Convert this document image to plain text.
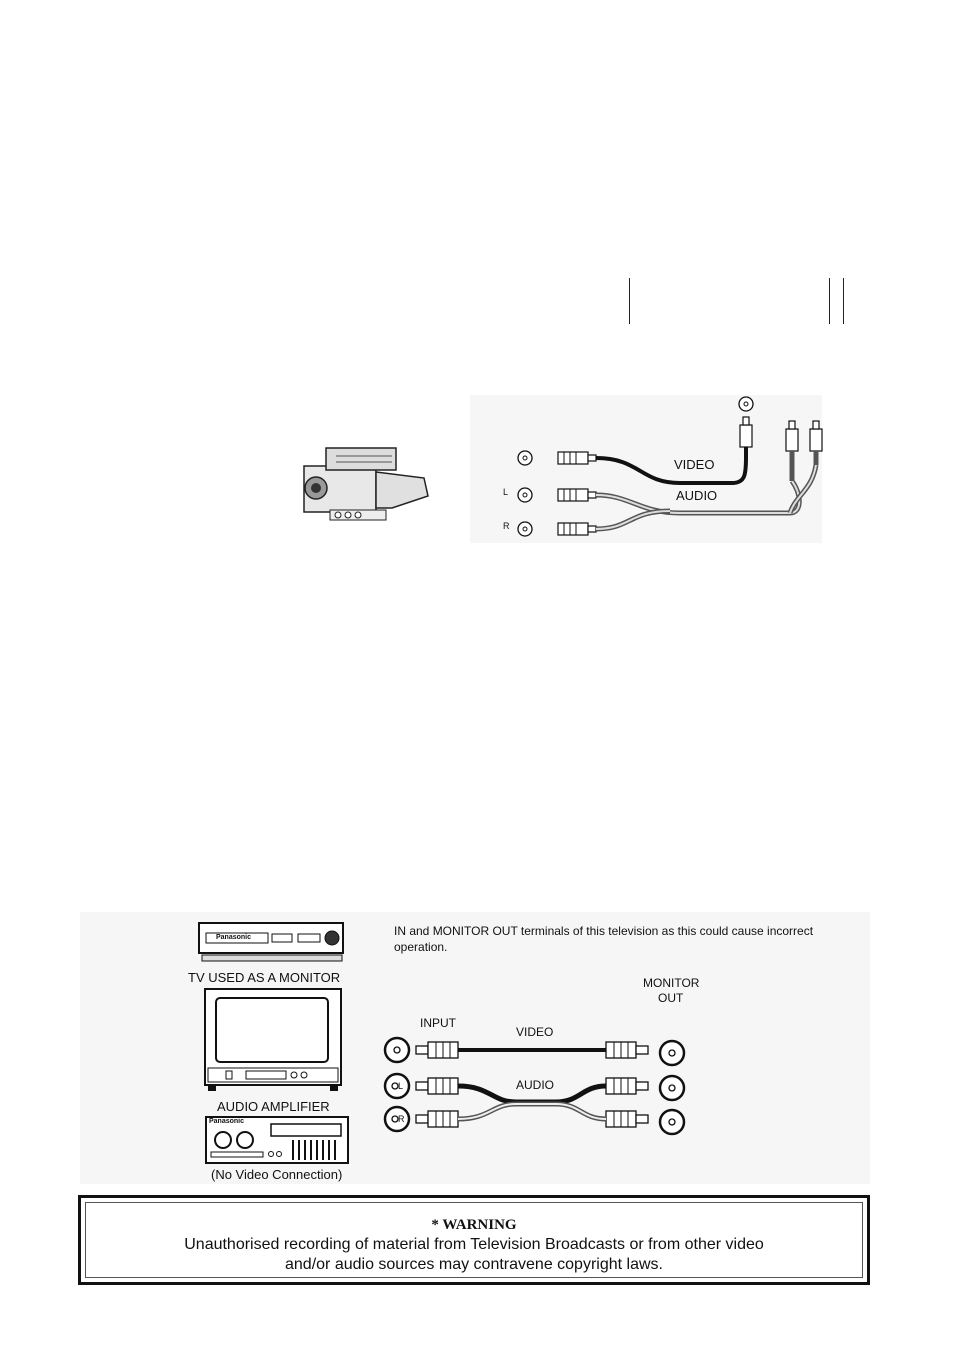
VIDEO
AUDIO
L
R
IN and MONITOR OUT terminals of this television as this could cause incorrect operation.
Panasonic
TV USED AS A MONITOR
AUDIO AMPLIFIER
Panasonic
(No Video Connection)
INPUT
MONITOR
OUT
VIDEO
AUDIO
L
R
* WARNING
Unauthorised recording of material from Television Broadcasts or from other video
and/or audio sources may contravene copyright laws.
